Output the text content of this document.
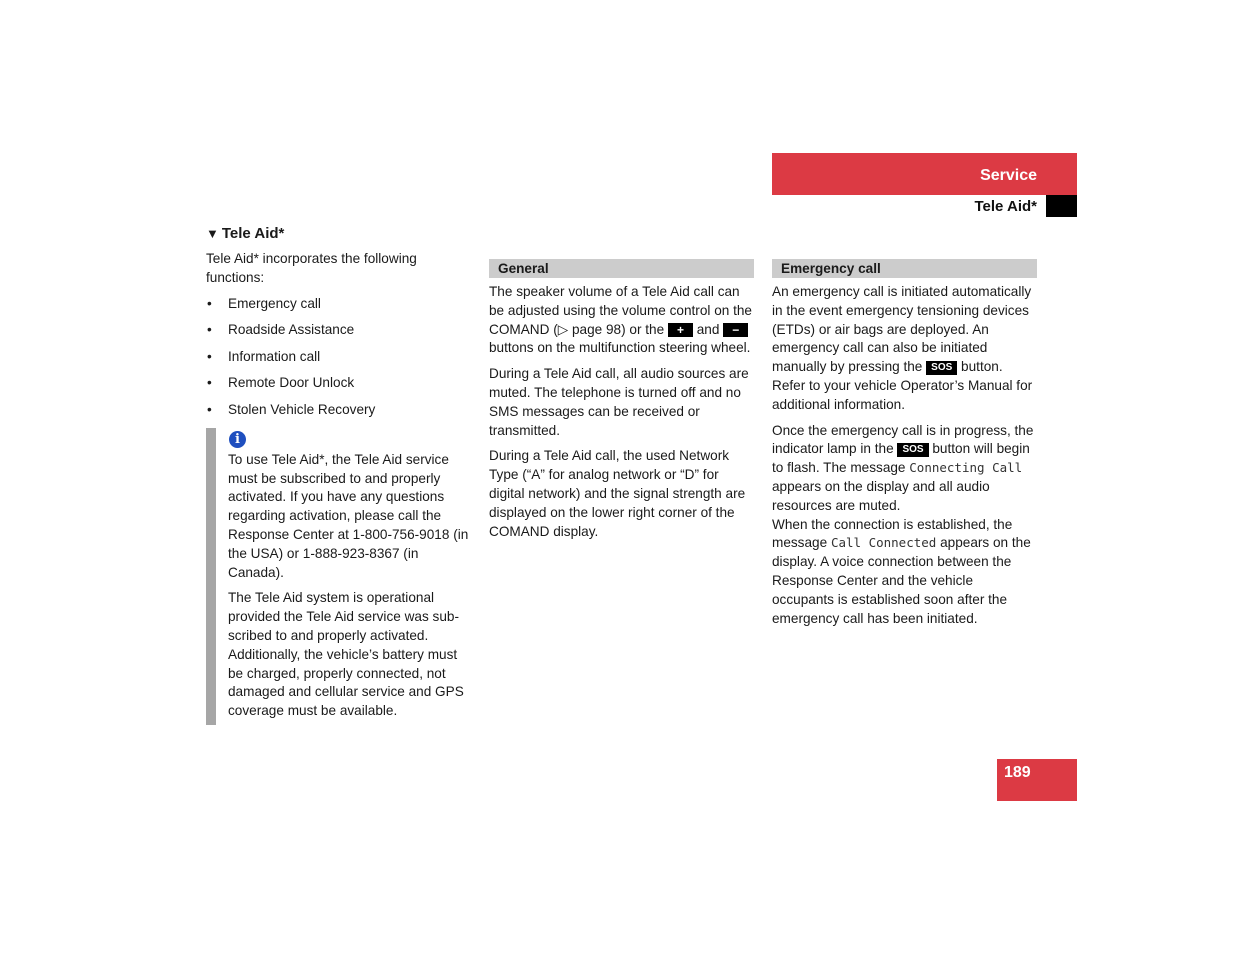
Service
Tele Aid*
▼ Tele Aid*

Tele Aid* incorporates the following functions:

• Emergency call
• Roadside Assistance
• Information call
• Remote Door Unlock
• Stolen Vehicle Recovery
i

To use Tele Aid*, the Tele Aid service must be subscribed to and properly activated. If you have any questions regarding activation, please call the Response Center at 1-800-756-9018 (in the USA) or 1-888-923-8367 (in Canada).

The Tele Aid system is operational provided the Tele Aid service was sub-scribed to and properly activated. Additionally, the vehicle’s battery must be charged, properly connected, not damaged and cellular service and GPS coverage must be available.

General

The speaker volume of a Tele Aid call can be adjusted using the volume control on the COMAND (▷ page 98) or the + and − buttons on the multifunction steering wheel.

During a Tele Aid call, all audio sources are muted. The telephone is turned off and no SMS messages can be received or transmitted.

During a Tele Aid call, the used Network Type (“A” for analog network or “D” for digital network) and the signal strength are displayed on the lower right corner of the COMAND display.

Emergency call

An emergency call is initiated automatically in the event emergency tensioning devices (ETDs) or air bags are deployed. An emergency call can also be initiated manually by pressing the SOS button. Refer to your vehicle Operator’s Manual for additional information.

Once the emergency call is in progress, the indicator lamp in the SOS button will begin to flash. The message Connecting Call appears on the display and all audio resources are muted.

When the connection is established, the message Call Connected appears on the display. A voice connection between the Response Center and the vehicle occupants is established soon after the emergency call has been initiated.

189
